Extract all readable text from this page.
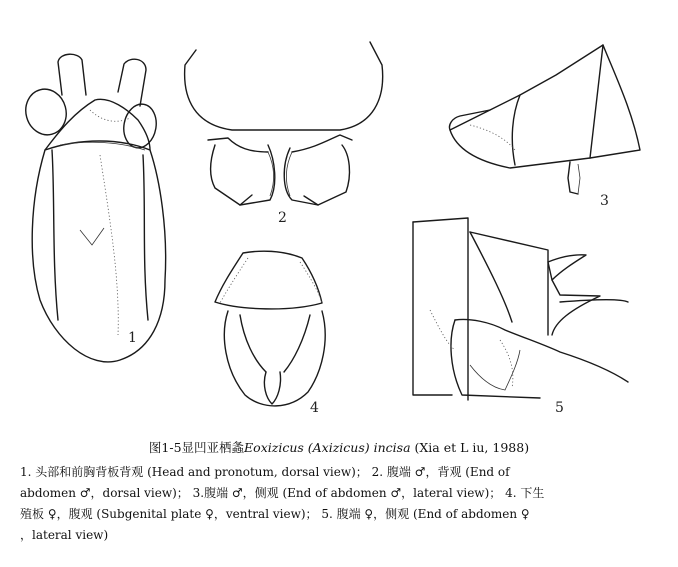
1
2
3
4	5

图1-5显凹亚栖螽Eoxizicus (Axizicus) incisa (Xia et L iu, 1988)

1. 头部和前胸背板背观 (Head and pronotum, dorsal view)； 2. 腹端 ♂，背观 (End of
abdomen ♂，dorsal view)； 3.腹端 ♂，侧观 (End of abdomen ♂，lateral view)； 4. 下生
殖板 ♀，腹观 (Subgenital plate ♀，ventral view)； 5. 腹端 ♀，侧观 (End of abdomen ♀
，lateral view)
